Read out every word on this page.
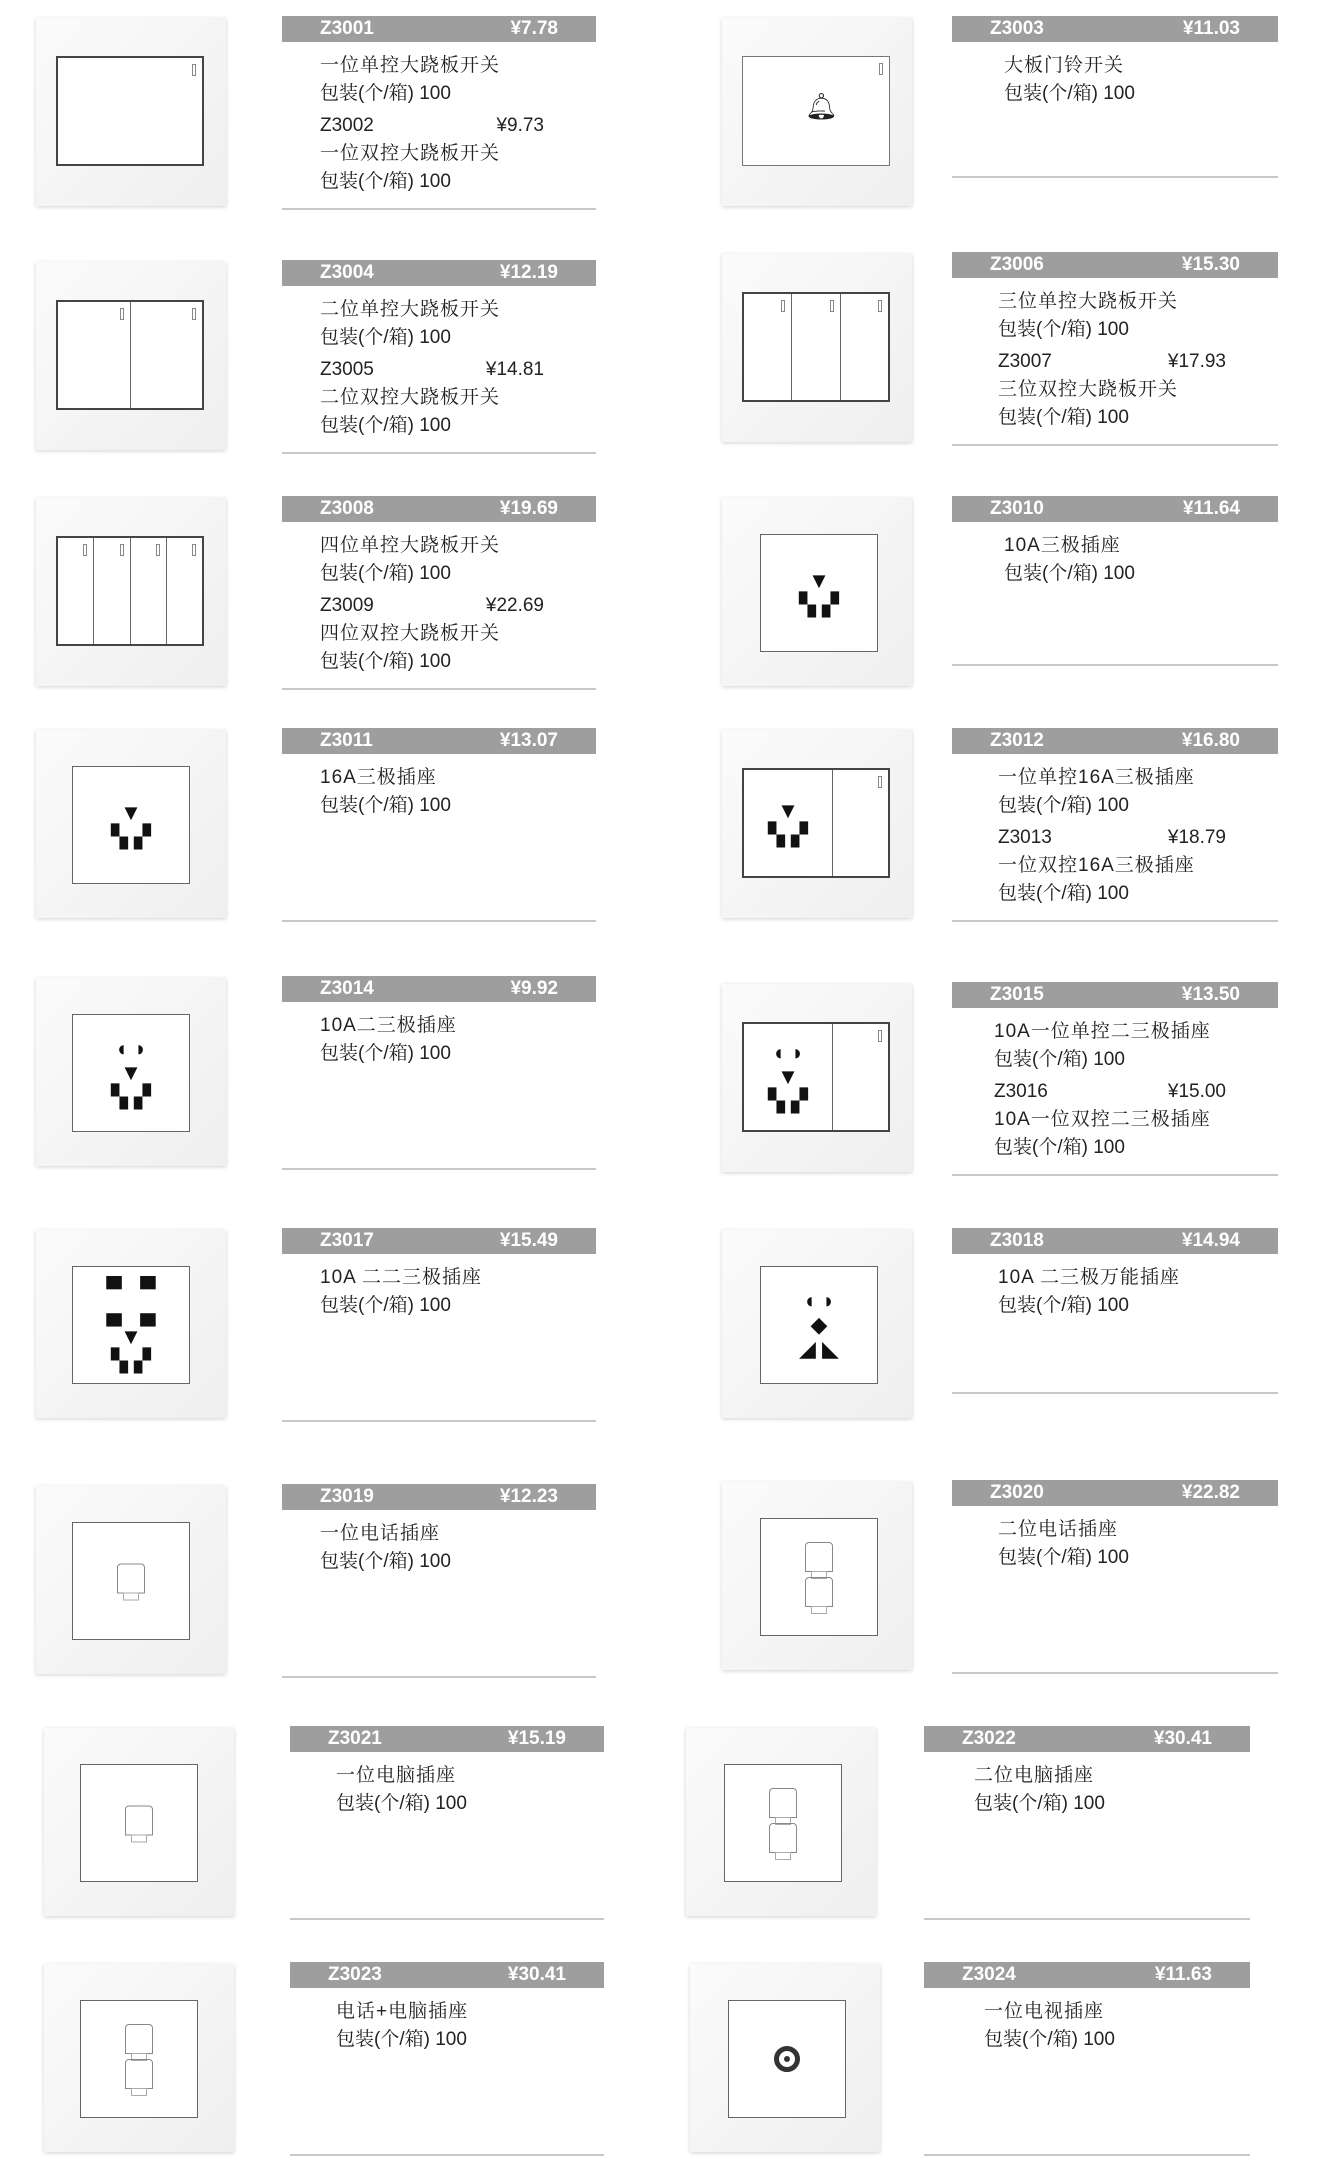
Z3001	¥7.78
一位单控大跷板开关
包装(个/箱) 100
Z3002	¥9.73
一位双控大跷板开关
包装(个/箱) 100
Z3004	¥12.19
二位单控大跷板开关
包装(个/箱) 100
Z3005	¥14.81
二位双控大跷板开关
包装(个/箱) 100
Z3008	¥19.69
四位单控大跷板开关
包装(个/箱) 100
Z3009	¥22.69
四位双控大跷板开关
包装(个/箱) 100
▼
▚ ▞
Z3011	¥13.07
16A三极插座
包装(个/箱) 100
◖ ◗
▼
▚ ▞
Z3014	¥9.92
10A二三极插座
包装(个/箱) 100
▀   ▀
▄   ▄
▼
▚ ▞
Z3017	¥15.49
10A 二二三极插座
包装(个/箱) 100
Z3019	¥12.23
一位电话插座
包装(个/箱) 100
Z3021	¥15.19
一位电脑插座
包装(个/箱) 100
Z3023	¥30.41
电话+电脑插座
包装(个/箱) 100
🔔︎
Z3003	¥11.03
大板门铃开关
包装(个/箱) 100
Z3006	¥15.30
三位单控大跷板开关
包装(个/箱) 100
Z3007	¥17.93
三位双控大跷板开关
包装(个/箱) 100
▼
▚ ▞
Z3010	¥11.64
10A三极插座
包装(个/箱) 100
▼
▚ ▞
Z3012	¥16.80
一位单控16A三极插座
包装(个/箱) 100
Z3013	¥18.79
一位双控16A三极插座
包装(个/箱) 100
◖ ◗
▼
▚ ▞
Z3015	¥13.50
10A一位单控二三极插座
包装(个/箱) 100
Z3016	¥15.00
10A一位双控二三极插座
包装(个/箱) 100
◖ ◗
◆
◢ ◣
Z3018	¥14.94
10A 二三极万能插座
包装(个/箱) 100
Z3020	¥22.82
二位电话插座
包装(个/箱) 100
Z3022	¥30.41
二位电脑插座
包装(个/箱) 100
Z3024	¥11.63
一位电视插座
包装(个/箱) 100
